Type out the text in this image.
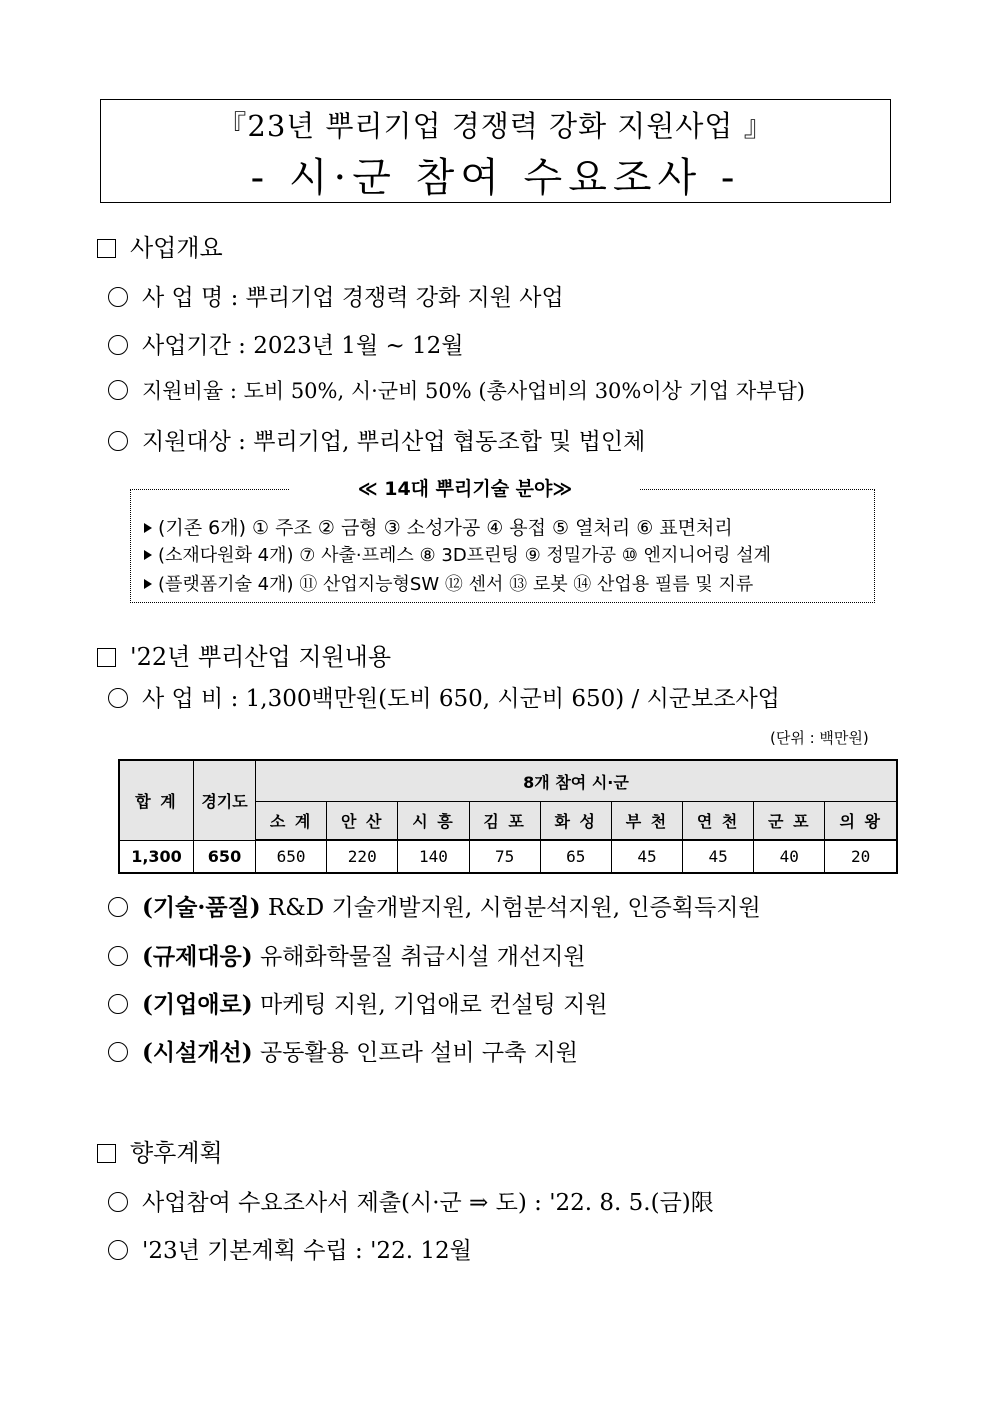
『23년 뿌리기업 경쟁력 강화 지원사업 』
- 시·군 참여 수요조사 -
사업개요
사 업 명 : 뿌리기업 경쟁력 강화 지원 사업
사업기간 : 2023년 1월 ~ 12월
지원비율 : 도비 50%, 시·군비 50% (총사업비의 30%이상 기업 자부담)
지원대상 : 뿌리기업, 뿌리산업 협동조합 및 법인체
≪ 14대 뿌리기술 분야≫
(기존 6개) ① 주조 ② 금형 ③ 소성가공 ④ 용접 ⑤ 열처리 ⑥ 표면처리
(소재다원화 4개) ⑦ 사출·프레스 ⑧ 3D프린팅 ⑨ 정밀가공 ⑩ 엔지니어링 설계
(플랫폼기술 4개) ⑪ 산업지능형SW ⑫ 센서 ⑬ 로봇 ⑭ 산업용 필름 및 지류
'22년 뿌리산업 지원내용
사 업 비 : 1,300백만원(도비 650, 시군비 650) / 시군보조사업
(단위 : 백만원)
합 계	경기도	8개 참여 시·군								
		소 계	안 산	시 흥	김 포	화 성	부 천	연 천	군 포	의 왕
1,300	650	650	220	140	75	65	45	45	40	20
(기술·품질) R&D 기술개발지원, 시험분석지원, 인증획득지원
(규제대응) 유해화학물질 취급시설 개선지원
(기업애로) 마케팅 지원, 기업애로 컨설팅 지원
(시설개선) 공동활용 인프라 설비 구축 지원
향후계획
사업참여 수요조사서 제출(시·군 ⇒ 도) : '22. 8. 5.(금)限
'23년 기본계획 수립 : '22. 12월
